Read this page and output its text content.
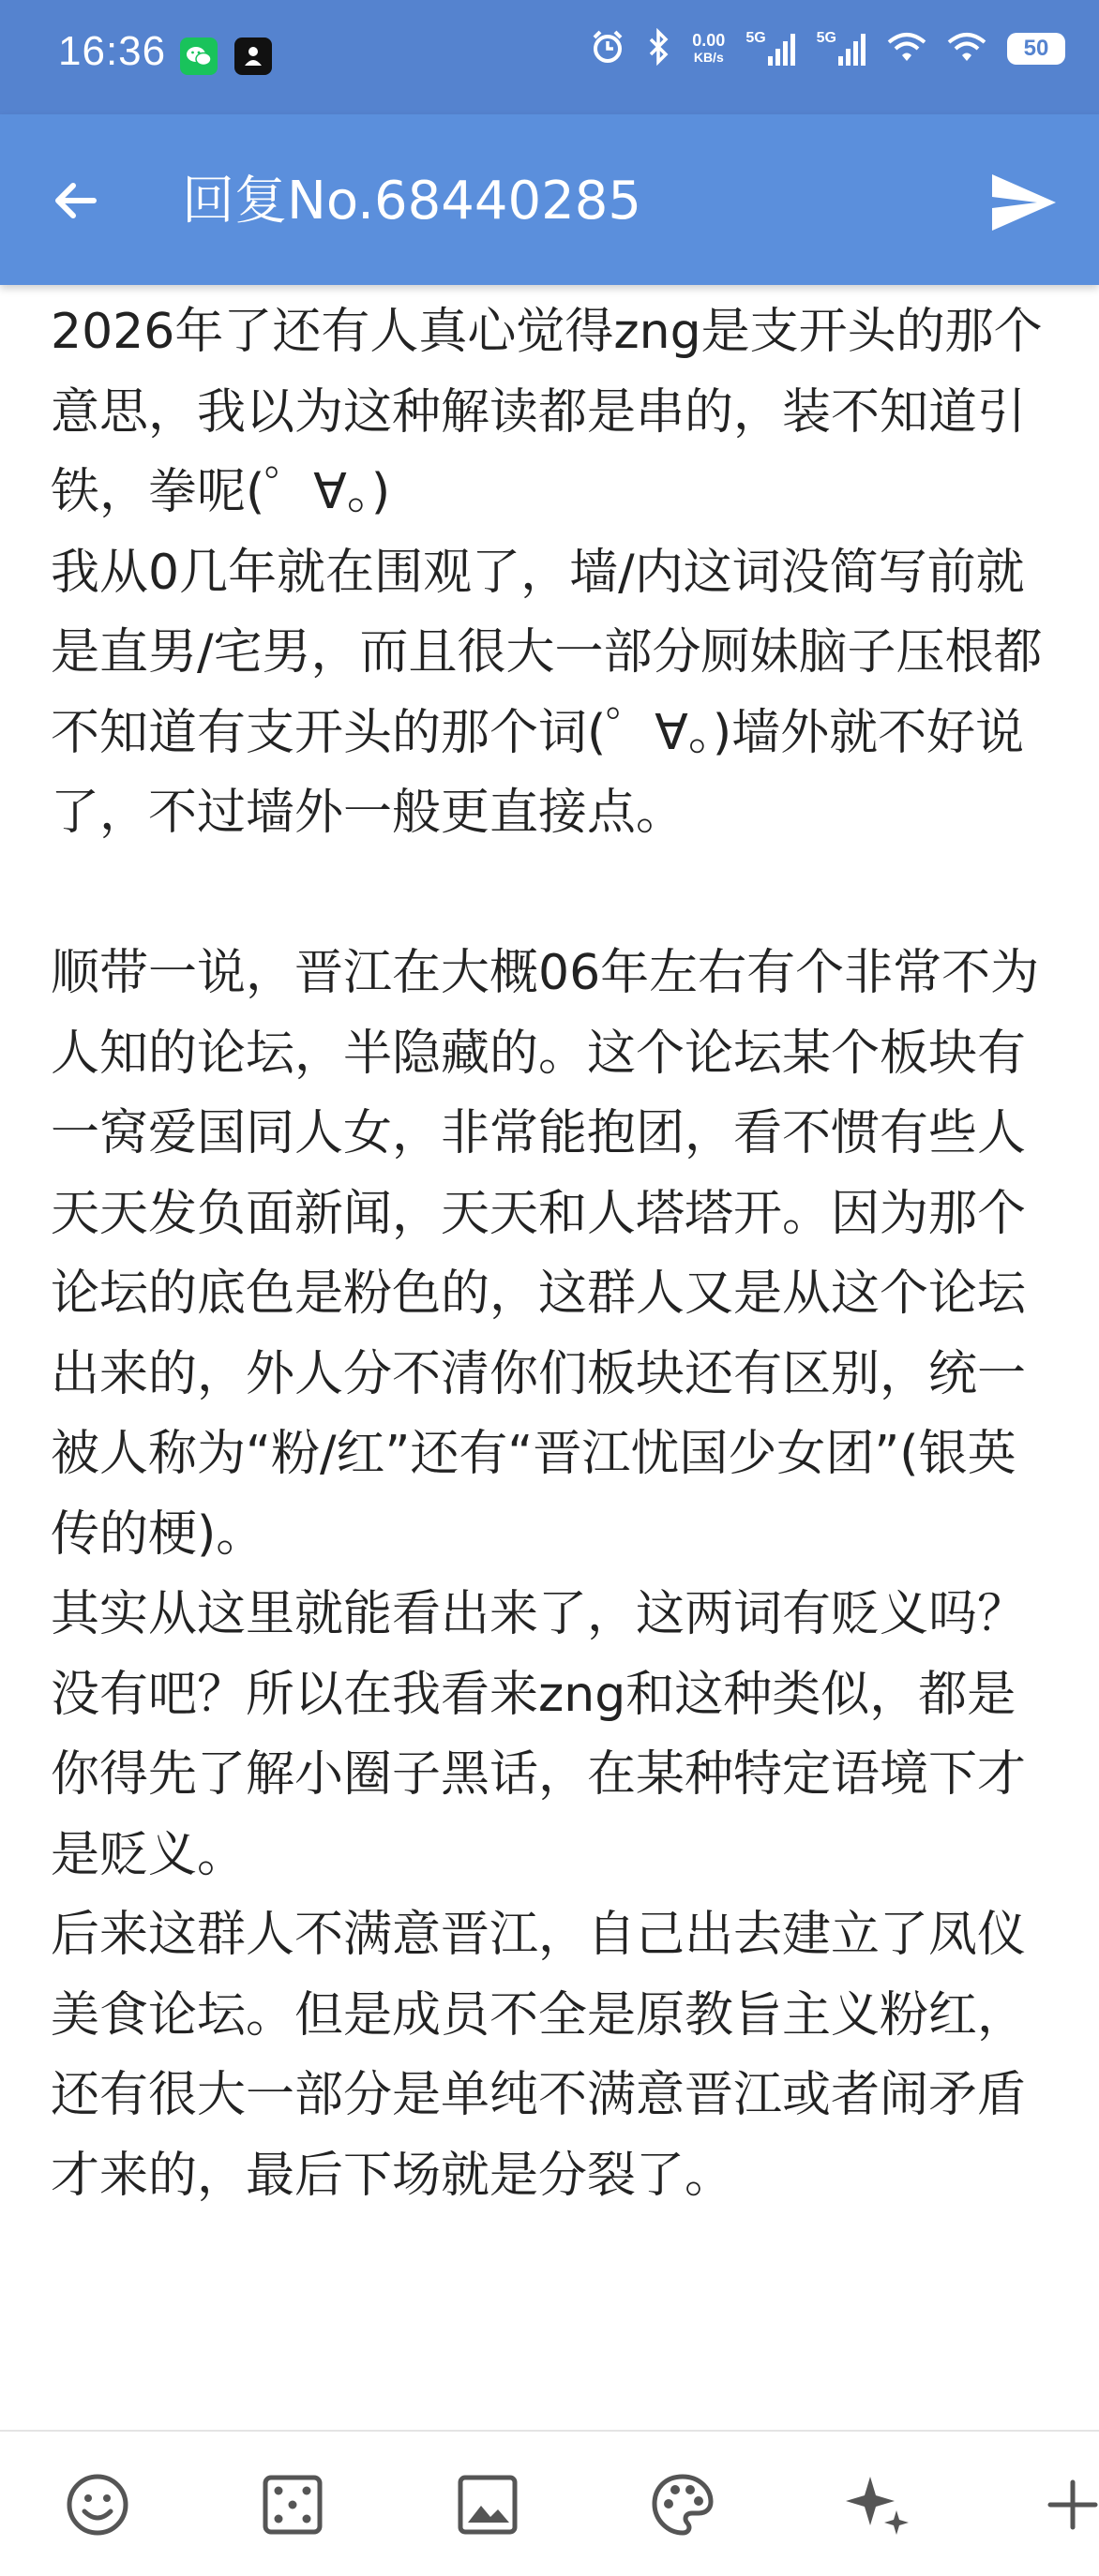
16:36	0.00
KB/s
5G	5G	50
回复No.68440285

2026年了还有人真心觉得zng是支开头的那个意思，我以为这种解读都是串的，装不知道引铁，拳呢(゜∀。)

我从0几年就在围观了，墙/内这词没简写前就是直男/宅男，而且很大一部分厕妹脑子压根都不知道有支开头的那个词(゜∀。)墙外就不好说了，不过墙外一般更直接点。

顺带一说，晋江在大概06年左右有个非常不为人知的论坛，半隐藏的。这个论坛某个板块有一窝爱国同人女，非常能抱团，看不惯有些人天天发负面新闻，天天和人塔塔开。因为那个论坛的底色是粉色的，这群人又是从这个论坛出来的，外人分不清你们板块还有区别，统一被人称为“粉/红”还有“晋江忧国少女团”(银英传的梗)。

其实从这里就能看出来了，这两词有贬义吗？没有吧？所以在我看来zng和这种类似，都是你得先了解小圈子黑话，在某种特定语境下才是贬义。

后来这群人不满意晋江，自己出去建立了凤仪美食论坛。但是成员不全是原教旨主义粉红，还有很大一部分是单纯不满意晋江或者闹矛盾才来的，最后下场就是分裂了。
